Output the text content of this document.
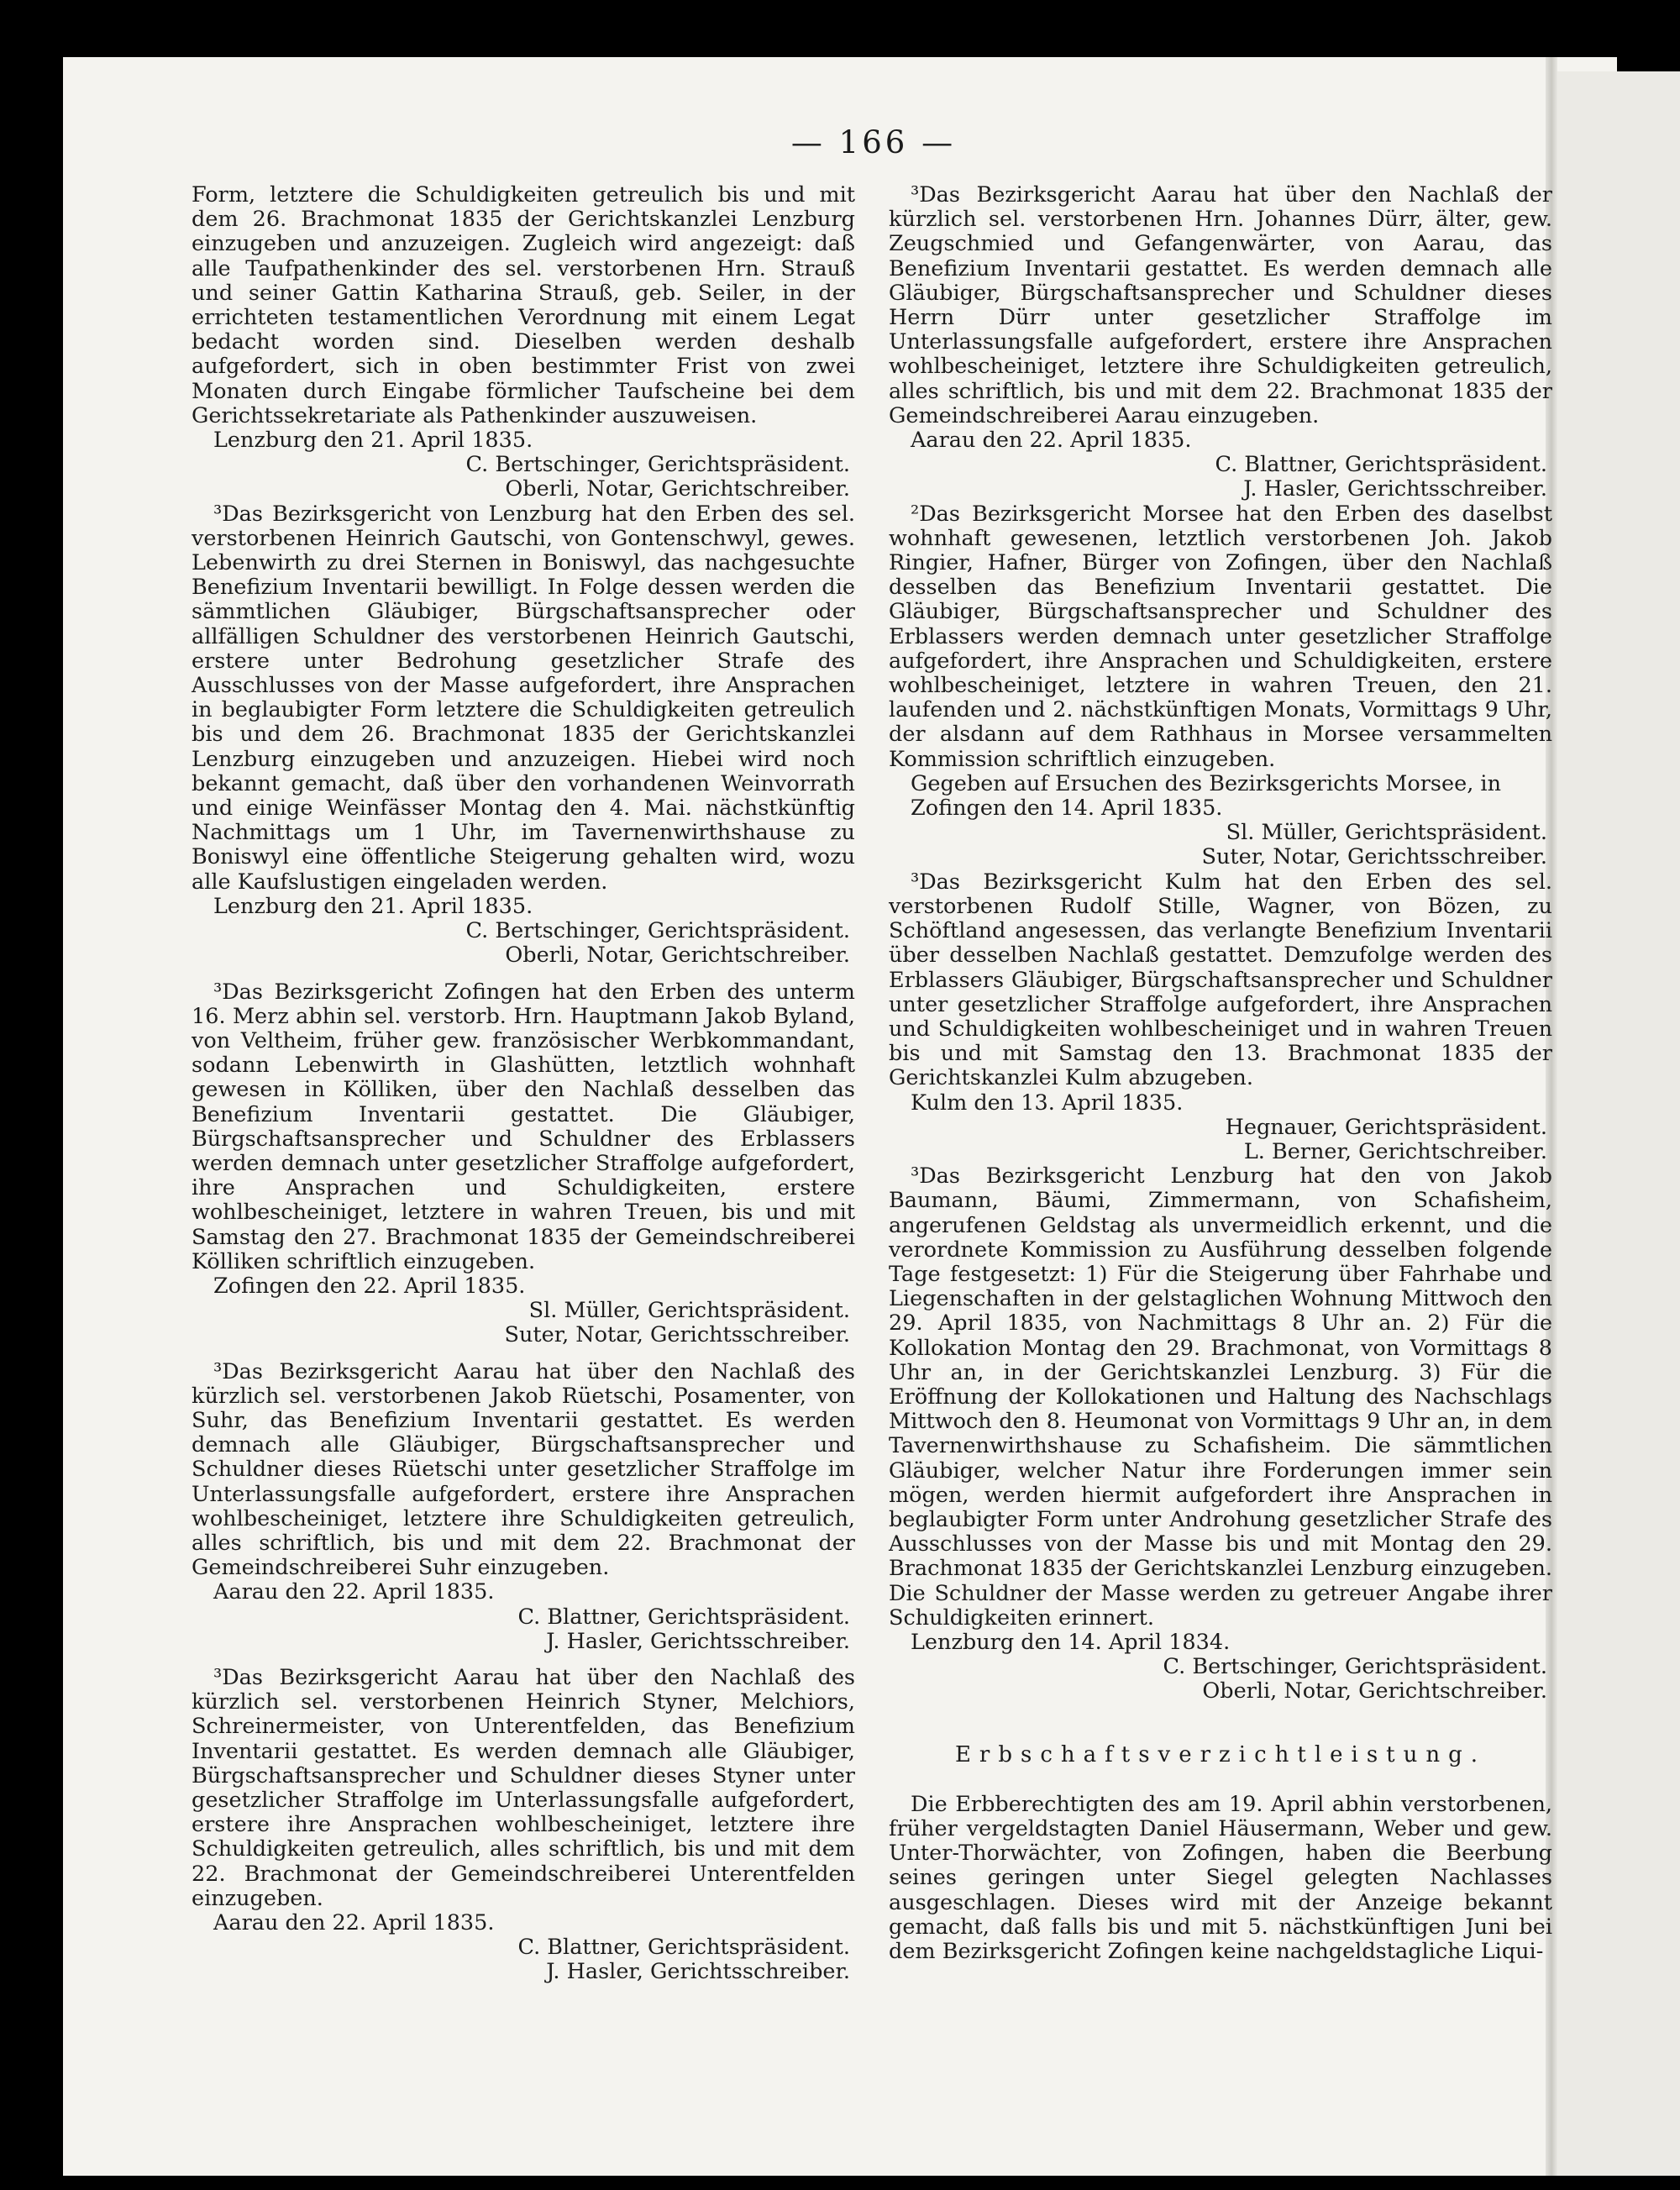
— 166 —

Form, letztere die Schuldigkeiten getreulich bis und mit dem 26. Brachmonat 1835 der Gerichtskanzlei Lenzburg einzugeben und anzuzeigen. Zugleich wird angezeigt: daß alle Taufpathenkinder des sel. verstorbenen Hrn. Strauß und seiner Gattin Katharina Strauß, geb. Seiler, in der errichteten testamentlichen Verordnung mit einem Legat bedacht worden sind. Dieselben werden deshalb aufgefordert, sich in oben bestimmter Frist von zwei Monaten durch Eingabe förmlicher Taufscheine bei dem Gerichtssekretariate als Pathenkinder auszuweisen.

Lenzburg den 21. April 1835.

C. Bertschinger, Gerichtspräsident.

Oberli, Notar, Gerichtschreiber.

³Das Bezirksgericht von Lenzburg hat den Erben des sel. verstorbenen Heinrich Gautschi, von Gontenschwyl, gewes. Lebenwirth zu drei Sternen in Boniswyl, das nachgesuchte Benefizium Inventarii bewilligt. In Folge dessen werden die sämmtlichen Gläubiger, Bürgschaftsansprecher oder allfälligen Schuldner des verstorbenen Heinrich Gautschi, erstere unter Bedrohung gesetzlicher Strafe des Ausschlusses von der Masse aufgefordert, ihre Ansprachen in beglaubigter Form letztere die Schuldigkeiten getreulich bis und dem 26. Brachmonat 1835 der Gerichtskanzlei Lenzburg einzugeben und anzuzeigen. Hiebei wird noch bekannt gemacht, daß über den vorhandenen Weinvorrath und einige Weinfässer Montag den 4. Mai. nächstkünftig Nachmittags um 1 Uhr, im Tavernenwirthshause zu Boniswyl eine öffentliche Steigerung gehalten wird, wozu alle Kaufslustigen eingeladen werden.

Lenzburg den 21. April 1835.

C. Bertschinger, Gerichtspräsident.

Oberli, Notar, Gerichtschreiber.

³Das Bezirksgericht Zofingen hat den Erben des unterm 16. Merz abhin sel. verstorb. Hrn. Hauptmann Jakob Byland, von Veltheim, früher gew. französischer Werbkommandant, sodann Lebenwirth in Glashütten, letztlich wohnhaft gewesen in Kölliken, über den Nachlaß desselben das Benefizium Inventarii gestattet. Die Gläubiger, Bürgschaftsansprecher und Schuldner des Erblassers werden demnach unter gesetzlicher Straffolge aufgefordert, ihre Ansprachen und Schuldigkeiten, erstere wohlbescheiniget, letztere in wahren Treuen, bis und mit Samstag den 27. Brachmonat 1835 der Gemeindschreiberei Kölliken schriftlich einzugeben.

Zofingen den 22. April 1835.

Sl. Müller, Gerichtspräsident.

Suter, Notar, Gerichtsschreiber.

³Das Bezirksgericht Aarau hat über den Nachlaß des kürzlich sel. verstorbenen Jakob Rüetschi, Posamenter, von Suhr, das Benefizium Inventarii gestattet. Es werden demnach alle Gläubiger, Bürgschaftsansprecher und Schuldner dieses Rüetschi unter gesetzlicher Straffolge im Unterlassungsfalle aufgefordert, erstere ihre Ansprachen wohlbescheiniget, letztere ihre Schuldigkeiten getreulich, alles schriftlich, bis und mit dem 22. Brachmonat der Gemeindschreiberei Suhr einzugeben.

Aarau den 22. April 1835.

C. Blattner, Gerichtspräsident.

J. Hasler, Gerichtsschreiber.

³Das Bezirksgericht Aarau hat über den Nachlaß des kürzlich sel. verstorbenen Heinrich Styner, Melchiors, Schreinermeister, von Unterentfelden, das Benefizium Inventarii gestattet. Es werden demnach alle Gläubiger, Bürgschaftsansprecher und Schuldner dieses Styner unter gesetzlicher Straffolge im Unterlassungsfalle aufgefordert, erstere ihre Ansprachen wohlbescheiniget, letztere ihre Schuldigkeiten getreulich, alles schriftlich, bis und mit dem 22. Brachmonat der Gemeindschreiberei Unterentfelden einzugeben.

Aarau den 22. April 1835.

C. Blattner, Gerichtspräsident.

J. Hasler, Gerichtsschreiber.

³Das Bezirksgericht Aarau hat über den Nachlaß der kürzlich sel. verstorbenen Hrn. Johannes Dürr, älter, gew. Zeugschmied und Gefangenwärter, von Aarau, das Benefizium Inventarii gestattet. Es werden demnach alle Gläubiger, Bürgschaftsansprecher und Schuldner dieses Herrn Dürr unter gesetzlicher Straffolge im Unterlassungsfalle aufgefordert, erstere ihre Ansprachen wohlbescheiniget, letztere ihre Schuldigkeiten getreulich, alles schriftlich, bis und mit dem 22. Brachmonat 1835 der Gemeindschreiberei Aarau einzugeben.

Aarau den 22. April 1835.

C. Blattner, Gerichtspräsident.

J. Hasler, Gerichtsschreiber.

²Das Bezirksgericht Morsee hat den Erben des daselbst wohnhaft gewesenen, letztlich verstorbenen Joh. Jakob Ringier, Hafner, Bürger von Zofingen, über den Nachlaß desselben das Benefizium Inventarii gestattet. Die Gläubiger, Bürgschaftsansprecher und Schuldner des Erblassers werden demnach unter gesetzlicher Straffolge aufgefordert, ihre Ansprachen und Schuldigkeiten, erstere wohlbescheiniget, letztere in wahren Treuen, den 21. laufenden und 2. nächstkünftigen Monats, Vormittags 9 Uhr, der alsdann auf dem Rathhaus in Morsee versammelten Kommission schriftlich einzugeben.

Gegeben auf Ersuchen des Bezirksgerichts Morsee, in Zofingen den 14. April 1835.

Sl. Müller, Gerichtspräsident.

Suter, Notar, Gerichtsschreiber.

³Das Bezirksgericht Kulm hat den Erben des sel. verstorbenen Rudolf Stille, Wagner, von Bözen, zu Schöftland angesessen, das verlangte Benefizium Inventarii über desselben Nachlaß gestattet. Demzufolge werden des Erblassers Gläubiger, Bürgschaftsansprecher und Schuldner unter gesetzlicher Straffolge aufgefordert, ihre Ansprachen und Schuldigkeiten wohlbescheiniget und in wahren Treuen bis und mit Samstag den 13. Brachmonat 1835 der Gerichtskanzlei Kulm abzugeben.

Kulm den 13. April 1835.

Hegnauer, Gerichtspräsident.

L. Berner, Gerichtschreiber.

³Das Bezirksgericht Lenzburg hat den von Jakob Baumann, Bäumi, Zimmermann, von Schafisheim, angerufenen Geldstag als unvermeidlich erkennt, und die verordnete Kommission zu Ausführung desselben folgende Tage festgesetzt: 1) Für die Steigerung über Fahrhabe und Liegenschaften in der gelstaglichen Wohnung Mittwoch den 29. April 1835, von Nachmittags 8 Uhr an. 2) Für die Kollokation Montag den 29. Brachmonat, von Vormittags 8 Uhr an, in der Gerichtskanzlei Lenzburg. 3) Für die Eröffnung der Kollokationen und Haltung des Nachschlags Mittwoch den 8. Heumonat von Vormittags 9 Uhr an, in dem Tavernenwirthshause zu Schafisheim. Die sämmtlichen Gläubiger, welcher Natur ihre Forderungen immer sein mögen, werden hiermit aufgefordert ihre Ansprachen in beglaubigter Form unter Androhung gesetzlicher Strafe des Ausschlusses von der Masse bis und mit Montag den 29. Brachmonat 1835 der Gerichtskanzlei Lenzburg einzugeben. Die Schuldner der Masse werden zu getreuer Angabe ihrer Schuldigkeiten erinnert.

Lenzburg den 14. April 1834.

C. Bertschinger, Gerichtspräsident.

Oberli, Notar, Gerichtschreiber.

Erbschaftsverzichtleistung.

Die Erbberechtigten des am 19. April abhin verstorbenen, früher vergeldstagten Daniel Häusermann, Weber und gew. Unter-Thorwächter, von Zofingen, haben die Beerbung seines geringen unter Siegel gelegten Nachlasses ausgeschlagen. Dieses wird mit der Anzeige bekannt gemacht, daß falls bis und mit 5. nächstkünftigen Juni bei dem Bezirksgericht Zofingen keine nachgeldstagliche Liqui-
